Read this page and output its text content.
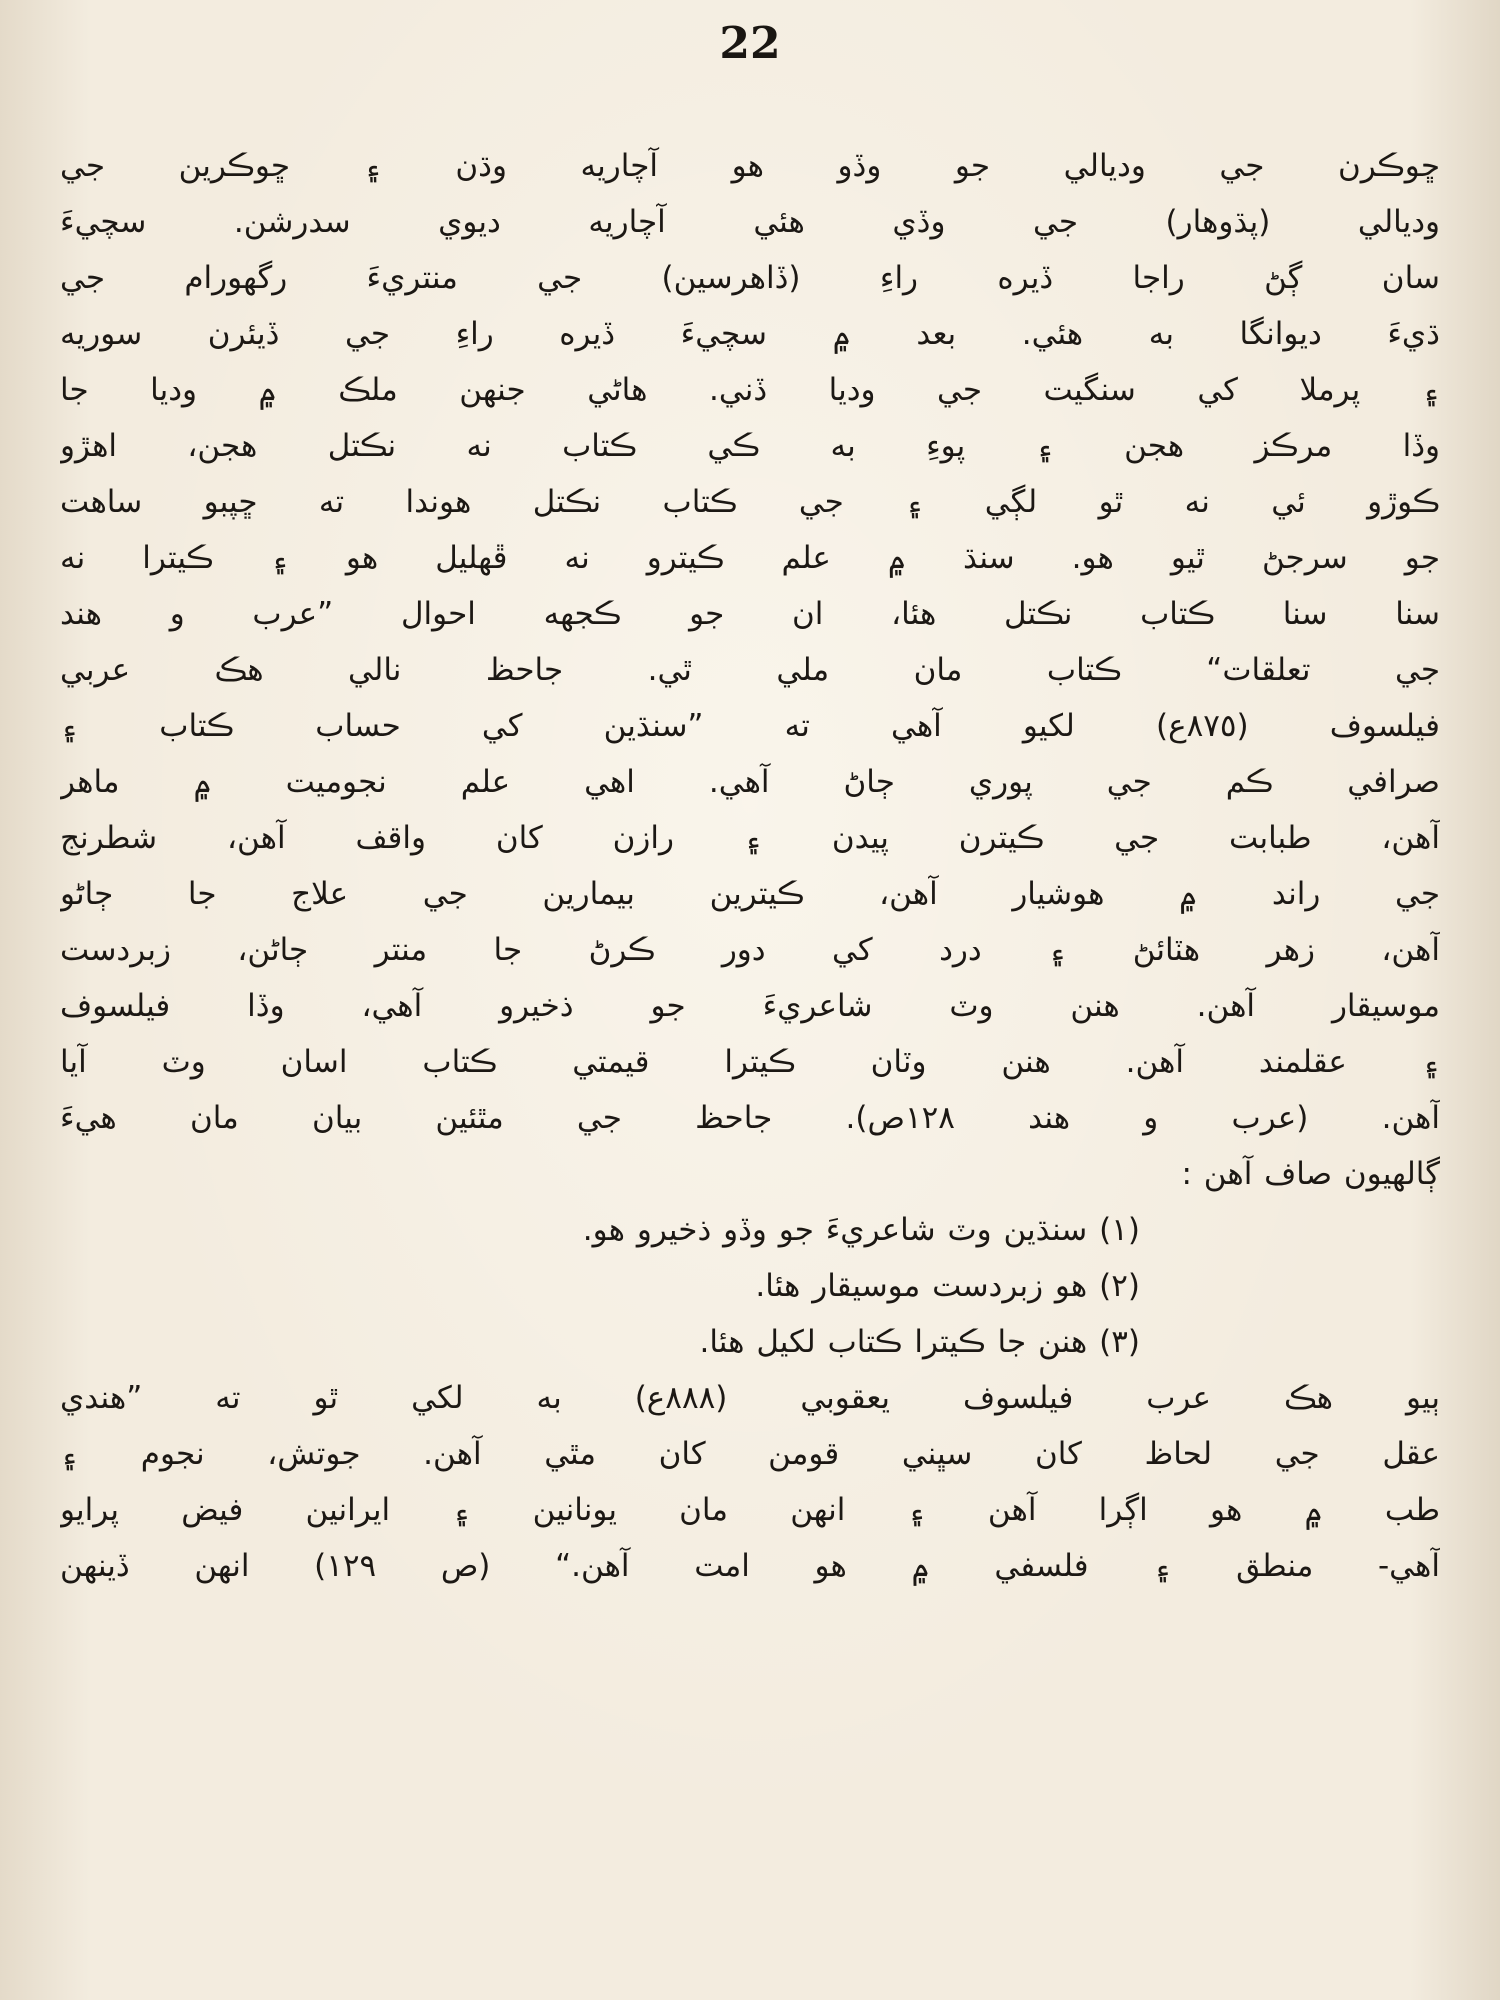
22
ڇوڪرن جي وديالي جو وڏو هو آچاريه وڌن ۽ ڇوڪرين جي
وديالي (پڌوهار) جي وڏي هئي آچاريه ديوي سدرشن. سچيءَ
سان ڳڻ راجا ڏيره راءِ (ڏاهرسين) جي منتريءَ رگهورام جي
ڌيءَ ديوانگا به هئي. بعد ۾ سچيءَ ڏيره راءِ جي ڏيئرن سوريه
۽ پرملا کي سنگيت جي وديا ڏني. هاڻي جنهن ملڪ ۾ وديا جا
وڏا مرڪز هجن ۽ پوءِ به ڪي ڪتاب نه نڪتل هجن، اهڙو
ڪوڙو ئي نه ٿو لڳي ۽ جي ڪتاب نڪتل هوندا ته ڇپبو ساهت
جو سرجڻ ٿيو هو. سنڌ ۾ علم ڪيترو نه ڦهليل هو ۽ ڪيترا نه
سنا سنا ڪتاب نڪتل هئا، ان جو ڪجهه احوال ”عرب و هند
جي تعلقات“ ڪتاب مان ملي ٿي. جاحظ نالي هڪ عربي
فيلسوف (٨٧٥ع) لکيو آهي ته ”سنڌين کي حساب ڪتاب ۽
صرافي ڪم جي پوري ڄاڻ آهي. اهي علم نجوميت ۾ ماهر
آهن، طبابت جي ڪيترن پيدن ۽ رازن کان واقف آهن، شطرنج
جي راند ۾ هوشيار آهن، ڪيترين بيمارين جي علاج جا ڄاڻو
آهن، زهر هٽائڻ ۽ درد کي دور ڪرڻ جا منتر ڄاڻن، زبردست
موسيقار آهن. هنن وٽ شاعريءَ جو ذخيرو آهي، وڏا فيلسوف
۽ عقلمند آهن. هنن وٽان ڪيترا قيمتي ڪتاب اسان وٽ آيا
آهن. (عرب و هند ١٢٨ص). جاحظ جي مٿئين بيان مان هيءَ
ڳالهيون صاف آهن :
(١) سنڌين وٽ شاعريءَ جو وڏو ذخيرو هو.
(٢) هو زبردست موسيقار هئا.
(٣) هنن جا ڪيترا ڪتاب لکيل هئا.
ٻيو هڪ عرب فيلسوف يعقوبي (٨٨٨ع) به لکي ٿو ته ”هندي
عقل جي لحاظ کان سڀني قومن کان مٿي آهن. جوتش، نجوم ۽
طب ۾ هو اڳرا آهن ۽ انهن مان يونانين ۽ ايرانين فيض پرايو
آهي- منطق ۽ فلسفي ۾ هو امت آهن.“ (ص ١٢٩) انهن ڏينهن
